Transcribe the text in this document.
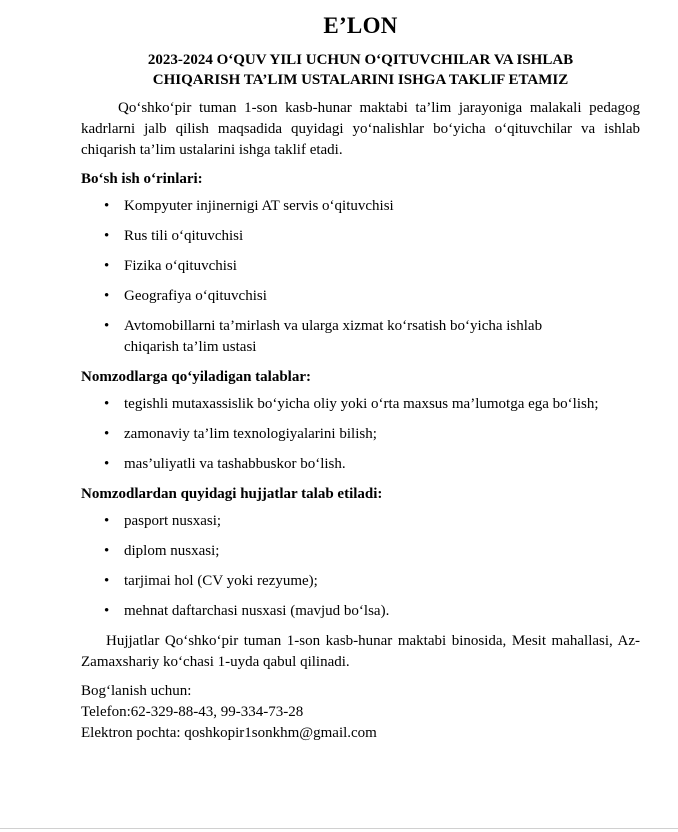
E’LON
2023-2024 O‘QUV YILI UCHUN O‘QITUVCHILAR VA ISHLAB
CHIQARISH TA’LIM USTALARINI ISHGA TAKLIF ETAMIZ

Qo‘shko‘pir tuman 1-son kasb-hunar maktabi ta’lim jarayoniga malakali pedagog kadrlarni jalb qilish maqsadida quyidagi yo‘nalishlar bo‘yicha o‘qituvchilar va ishlab chiqarish ta’lim ustalarini ishga taklif etadi.

Bo‘sh ish o‘rinlari:
• Kompyuter injinernigi AT servis o‘qituvchisi
• Rus tili o‘qituvchisi
• Fizika o‘qituvchisi
• Geografiya o‘qituvchisi
• Avtomobillarni ta’mirlash va ularga xizmat ko‘rsatish bo‘yicha ishlab chiqarish ta’lim ustasi
Nomzodlarga qo‘yiladigan talablar:
• tegishli mutaxassislik bo‘yicha oliy yoki o‘rta maxsus ma’lumotga ega bo‘lish;
• zamonaviy ta’lim texnologiyalarini bilish;
• mas’uliyatli va tashabbuskor bo‘lish.
Nomzodlardan quyidagi hujjatlar talab etiladi:
• pasport nusxasi;
• diplom nusxasi;
• tarjimai hol (CV yoki rezyume);
• mehnat daftarchasi nusxasi (mavjud bo‘lsa).

Hujjatlar Qo‘shko‘pir tuman 1-son kasb-hunar maktabi binosida, Mesit mahallasi, Az-Zamaxshariy ko‘chasi 1-uyda qabul qilinadi.

Bog‘lanish uchun:

Telefon:62-329-88-43, 99-334-73-28

Elektron pochta: qoshkopir1sonkhm@gmail.com
